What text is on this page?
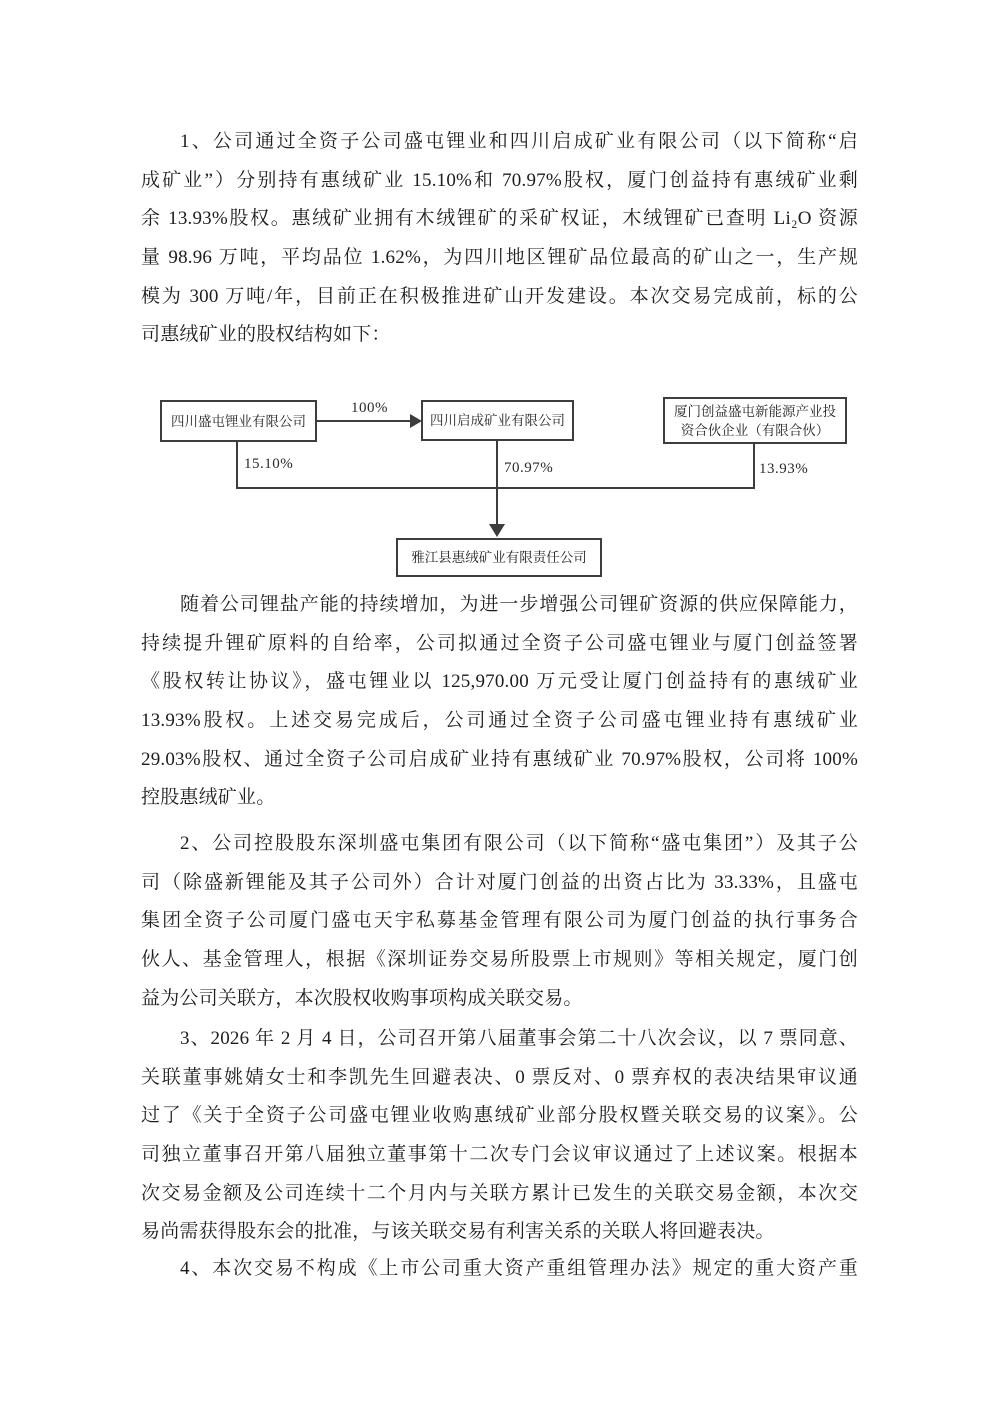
1、公司通过全资子公司盛屯锂业和四川启成矿业有限公司（以下简称“启
成矿业”）分别持有惠绒矿业 15.10%和 70.97%股权，厦门创益持有惠绒矿业剩
余 13.93%股权。惠绒矿业拥有木绒锂矿的采矿权证，木绒锂矿已查明 Li₂O 资源
量 98.96 万吨，平均品位 1.62%，为四川地区锂矿品位最高的矿山之一，生产规
模为 300 万吨/年，目前正在积极推进矿山开发建设。本次交易完成前，标的公
司惠绒矿业的股权结构如下：
四川盛屯锂业有限公司	四川启成矿业有限公司
厦门创益盛屯新能源产业投资合伙企业（有限合伙）
雅江县惠绒矿业有限责任公司
100%
15.10%	70.97%	13.93%
随着公司锂盐产能的持续增加，为进一步增强公司锂矿资源的供应保障能力，
持续提升锂矿原料的自给率，公司拟通过全资子公司盛屯锂业与厦门创益签署
《股权转让协议》，盛屯锂业以 125,970.00 万元受让厦门创益持有的惠绒矿业
13.93%股权。上述交易完成后，公司通过全资子公司盛屯锂业持有惠绒矿业
29.03%股权、通过全资子公司启成矿业持有惠绒矿业 70.97%股权，公司将 100%
控股惠绒矿业。
2、公司控股股东深圳盛屯集团有限公司（以下简称“盛屯集团”）及其子公
司（除盛新锂能及其子公司外）合计对厦门创益的出资占比为 33.33%，且盛屯
集团全资子公司厦门盛屯天宇私募基金管理有限公司为厦门创益的执行事务合
伙人、基金管理人，根据《深圳证券交易所股票上市规则》等相关规定，厦门创
益为公司关联方，本次股权收购事项构成关联交易。
3、2026 年 2 月 4 日，公司召开第八届董事会第二十八次会议，以 7 票同意、
关联董事姚婧女士和李凯先生回避表决、0 票反对、0 票弃权的表决结果审议通
过了《关于全资子公司盛屯锂业收购惠绒矿业部分股权暨关联交易的议案》。公
司独立董事召开第八届独立董事第十二次专门会议审议通过了上述议案。根据本
次交易金额及公司连续十二个月内与关联方累计已发生的关联交易金额，本次交
易尚需获得股东会的批准，与该关联交易有利害关系的关联人将回避表决。
4、本次交易不构成《上市公司重大资产重组管理办法》规定的重大资产重
